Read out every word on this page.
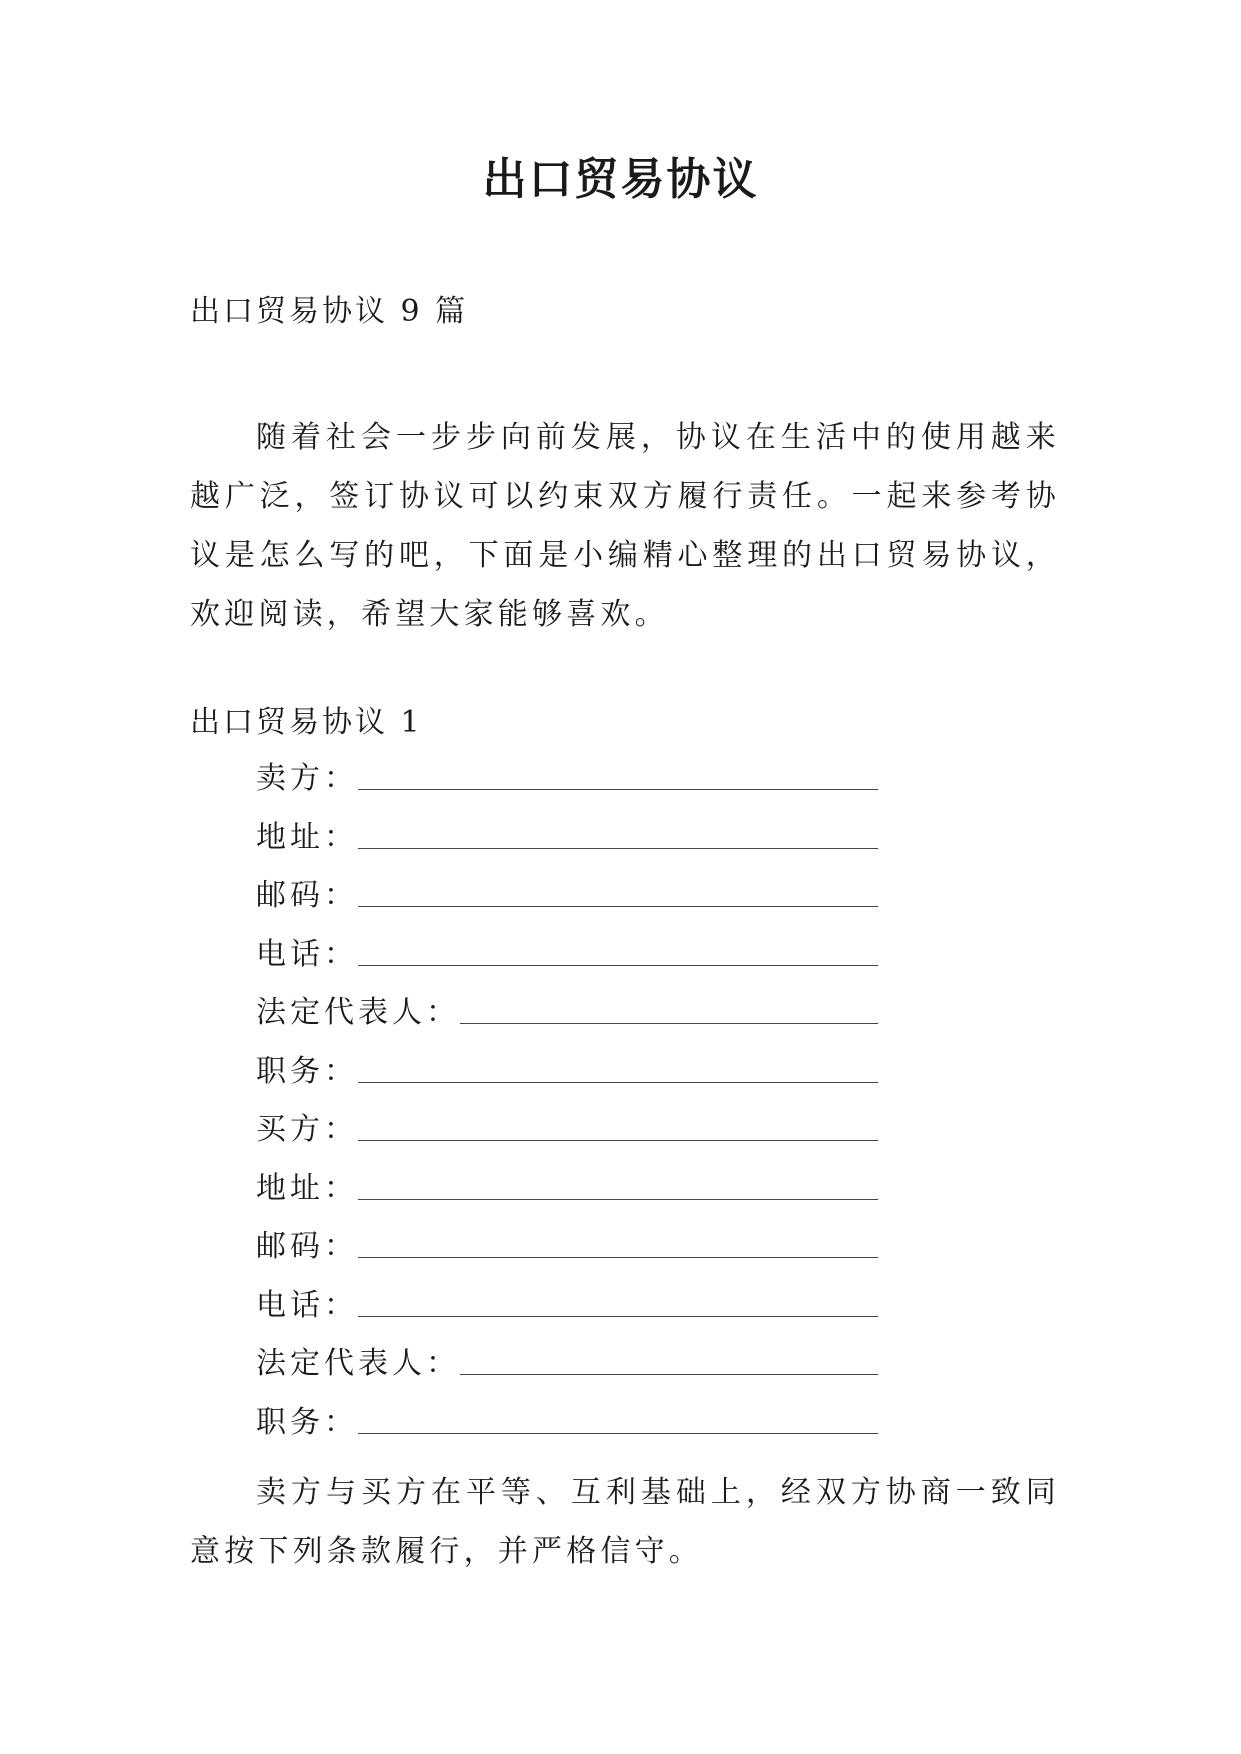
出口贸易协议

出口贸易协议 9 篇

随着社会一步步向前发展，协议在生活中的使用越来越广泛，签订协议可以约束双方履行责任。一起来参考协议是怎么写的吧，下面是小编精心整理的出口贸易协议，欢迎阅读，希望大家能够喜欢。

出口贸易协议 1

卖方：
地址：
邮码：
电话：
法定代表人：
职务：
买方：
地址：
邮码：
电话：
法定代表人：
职务：

卖方与买方在平等、互利基础上，经双方协商一致同意按下列条款履行，并严格信守。
